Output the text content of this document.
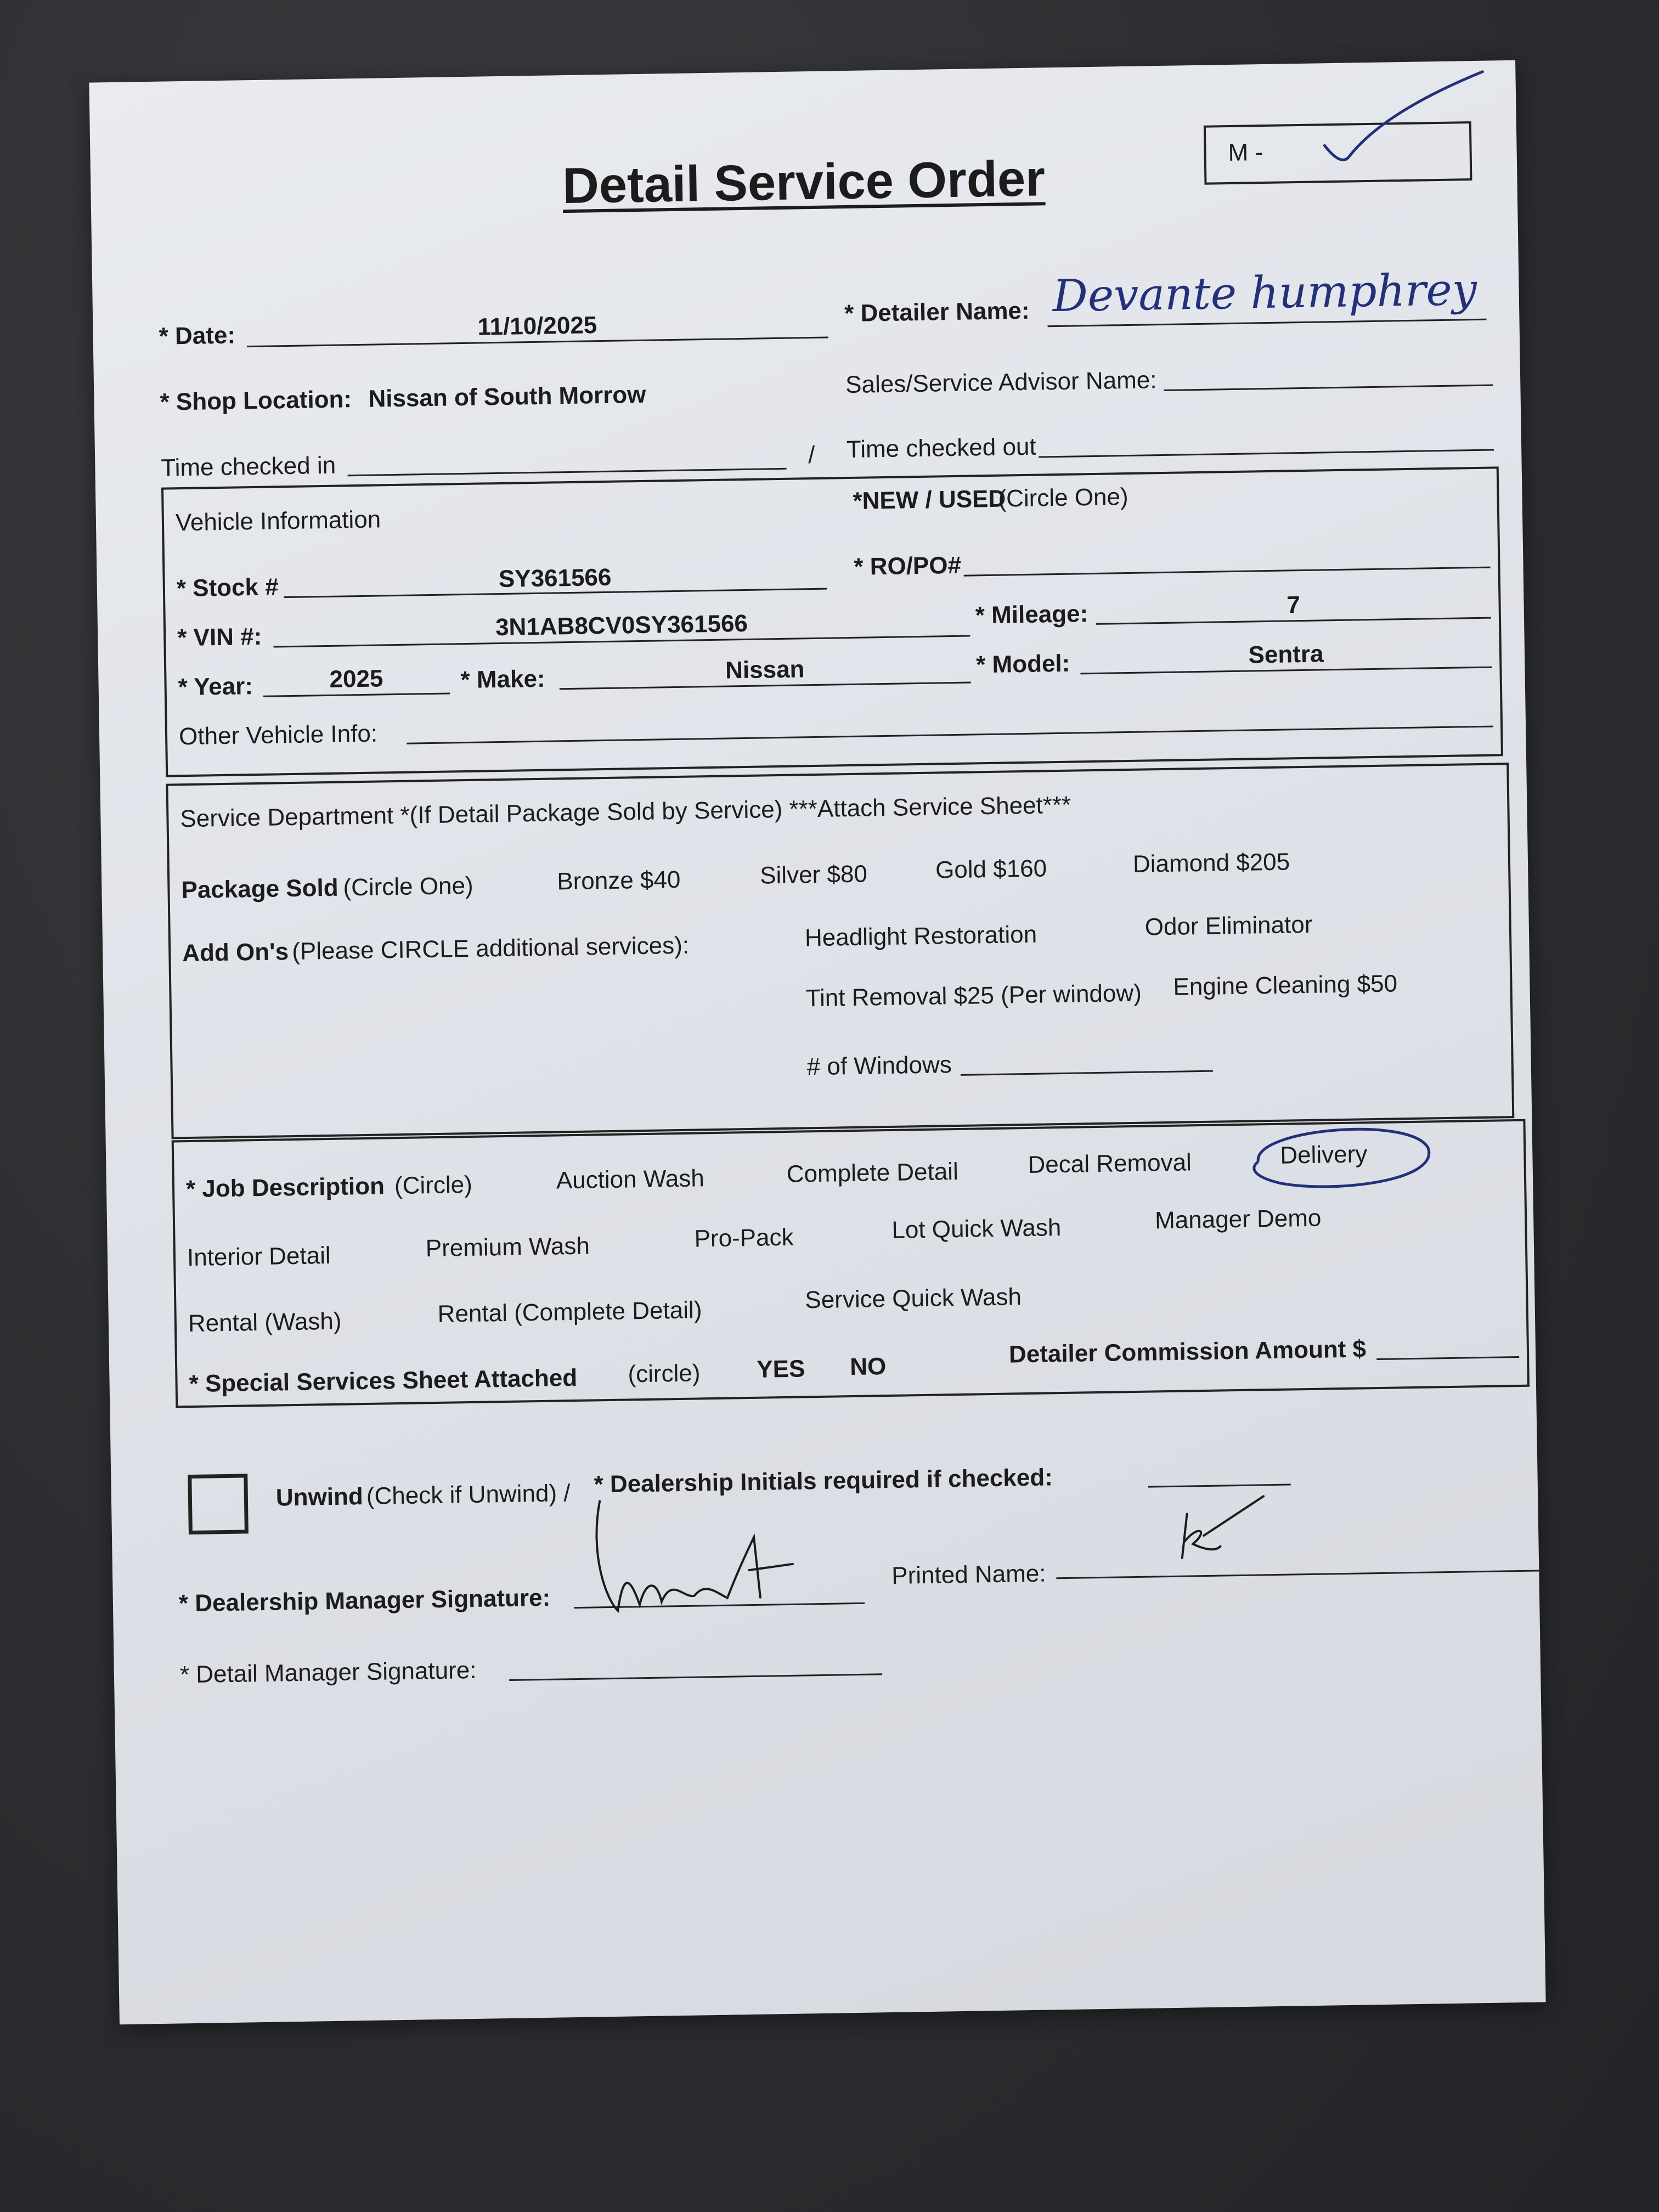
Detail Service Order	M -
* Date:	11/10/2025	* Detailer Name: Devante humphrey
* Shop Location: Nissan of South Morrow	Sales/Service Advisor Name:
Time checked in	/ Time checked out
Vehicle Information
*NEW / USED
(Circle One)
* Stock #	SY361566	* RO/PO#
* VIN #:	3N1AB8CV0SY361566	* Mileage:	7
* Year:	2025	* Make:	Nissan	* Model:	Sentra
Other Vehicle Info:
Service Department *(If Detail Package Sold by Service) ***Attach Service Sheet***
Package Sold (Circle One)	Bronze $40	Silver $80	Gold $160	Diamond $205
Add On's (Please CIRCLE additional services):	Headlight Restoration	Odor Eliminator
Tint Removal $25 (Per window) Engine Cleaning $50
# of Windows
* Job Description (Circle)	Auction Wash	Complete Detail	Decal Removal	Delivery
Interior Detail	Premium Wash	Pro-Pack	Lot Quick Wash	Manager Demo
Rental (Wash)	Rental (Complete Detail)	Service Quick Wash
* Special Services Sheet Attached (circle) YES NO	Detailer Commission Amount $
Unwind (Check if Unwind) / * Dealership Initials required if checked:
* Dealership Manager Signature:
Printed Name:
* Detail Manager Signature:
